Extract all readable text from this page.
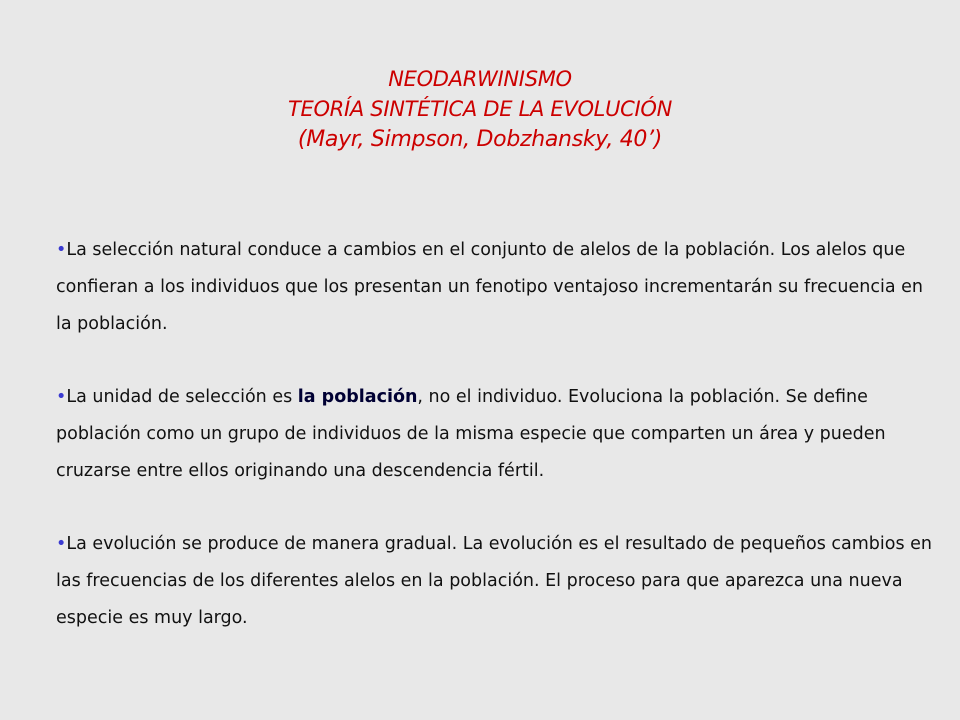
NEODARWINISMO
TEORÍA SINTÉTICA DE LA EVOLUCIÓN
(Mayr, Simpson, Dobzhansky, 40’)

•La selección natural conduce a cambios en el conjunto de alelos de la población. Los alelos que confieran a los individuos que los presentan un fenotipo ventajoso incrementarán su frecuencia en la población.

•La unidad de selección es la población, no el individuo. Evoluciona la población. Se define población como un grupo de individuos de la misma especie que comparten un área y pueden cruzarse entre ellos originando una descendencia fértil.

•La evolución se produce de manera gradual. La evolución es el resultado de pequeños cambios en las frecuencias de los diferentes alelos en la población. El proceso para que aparezca una nueva especie es muy largo.
